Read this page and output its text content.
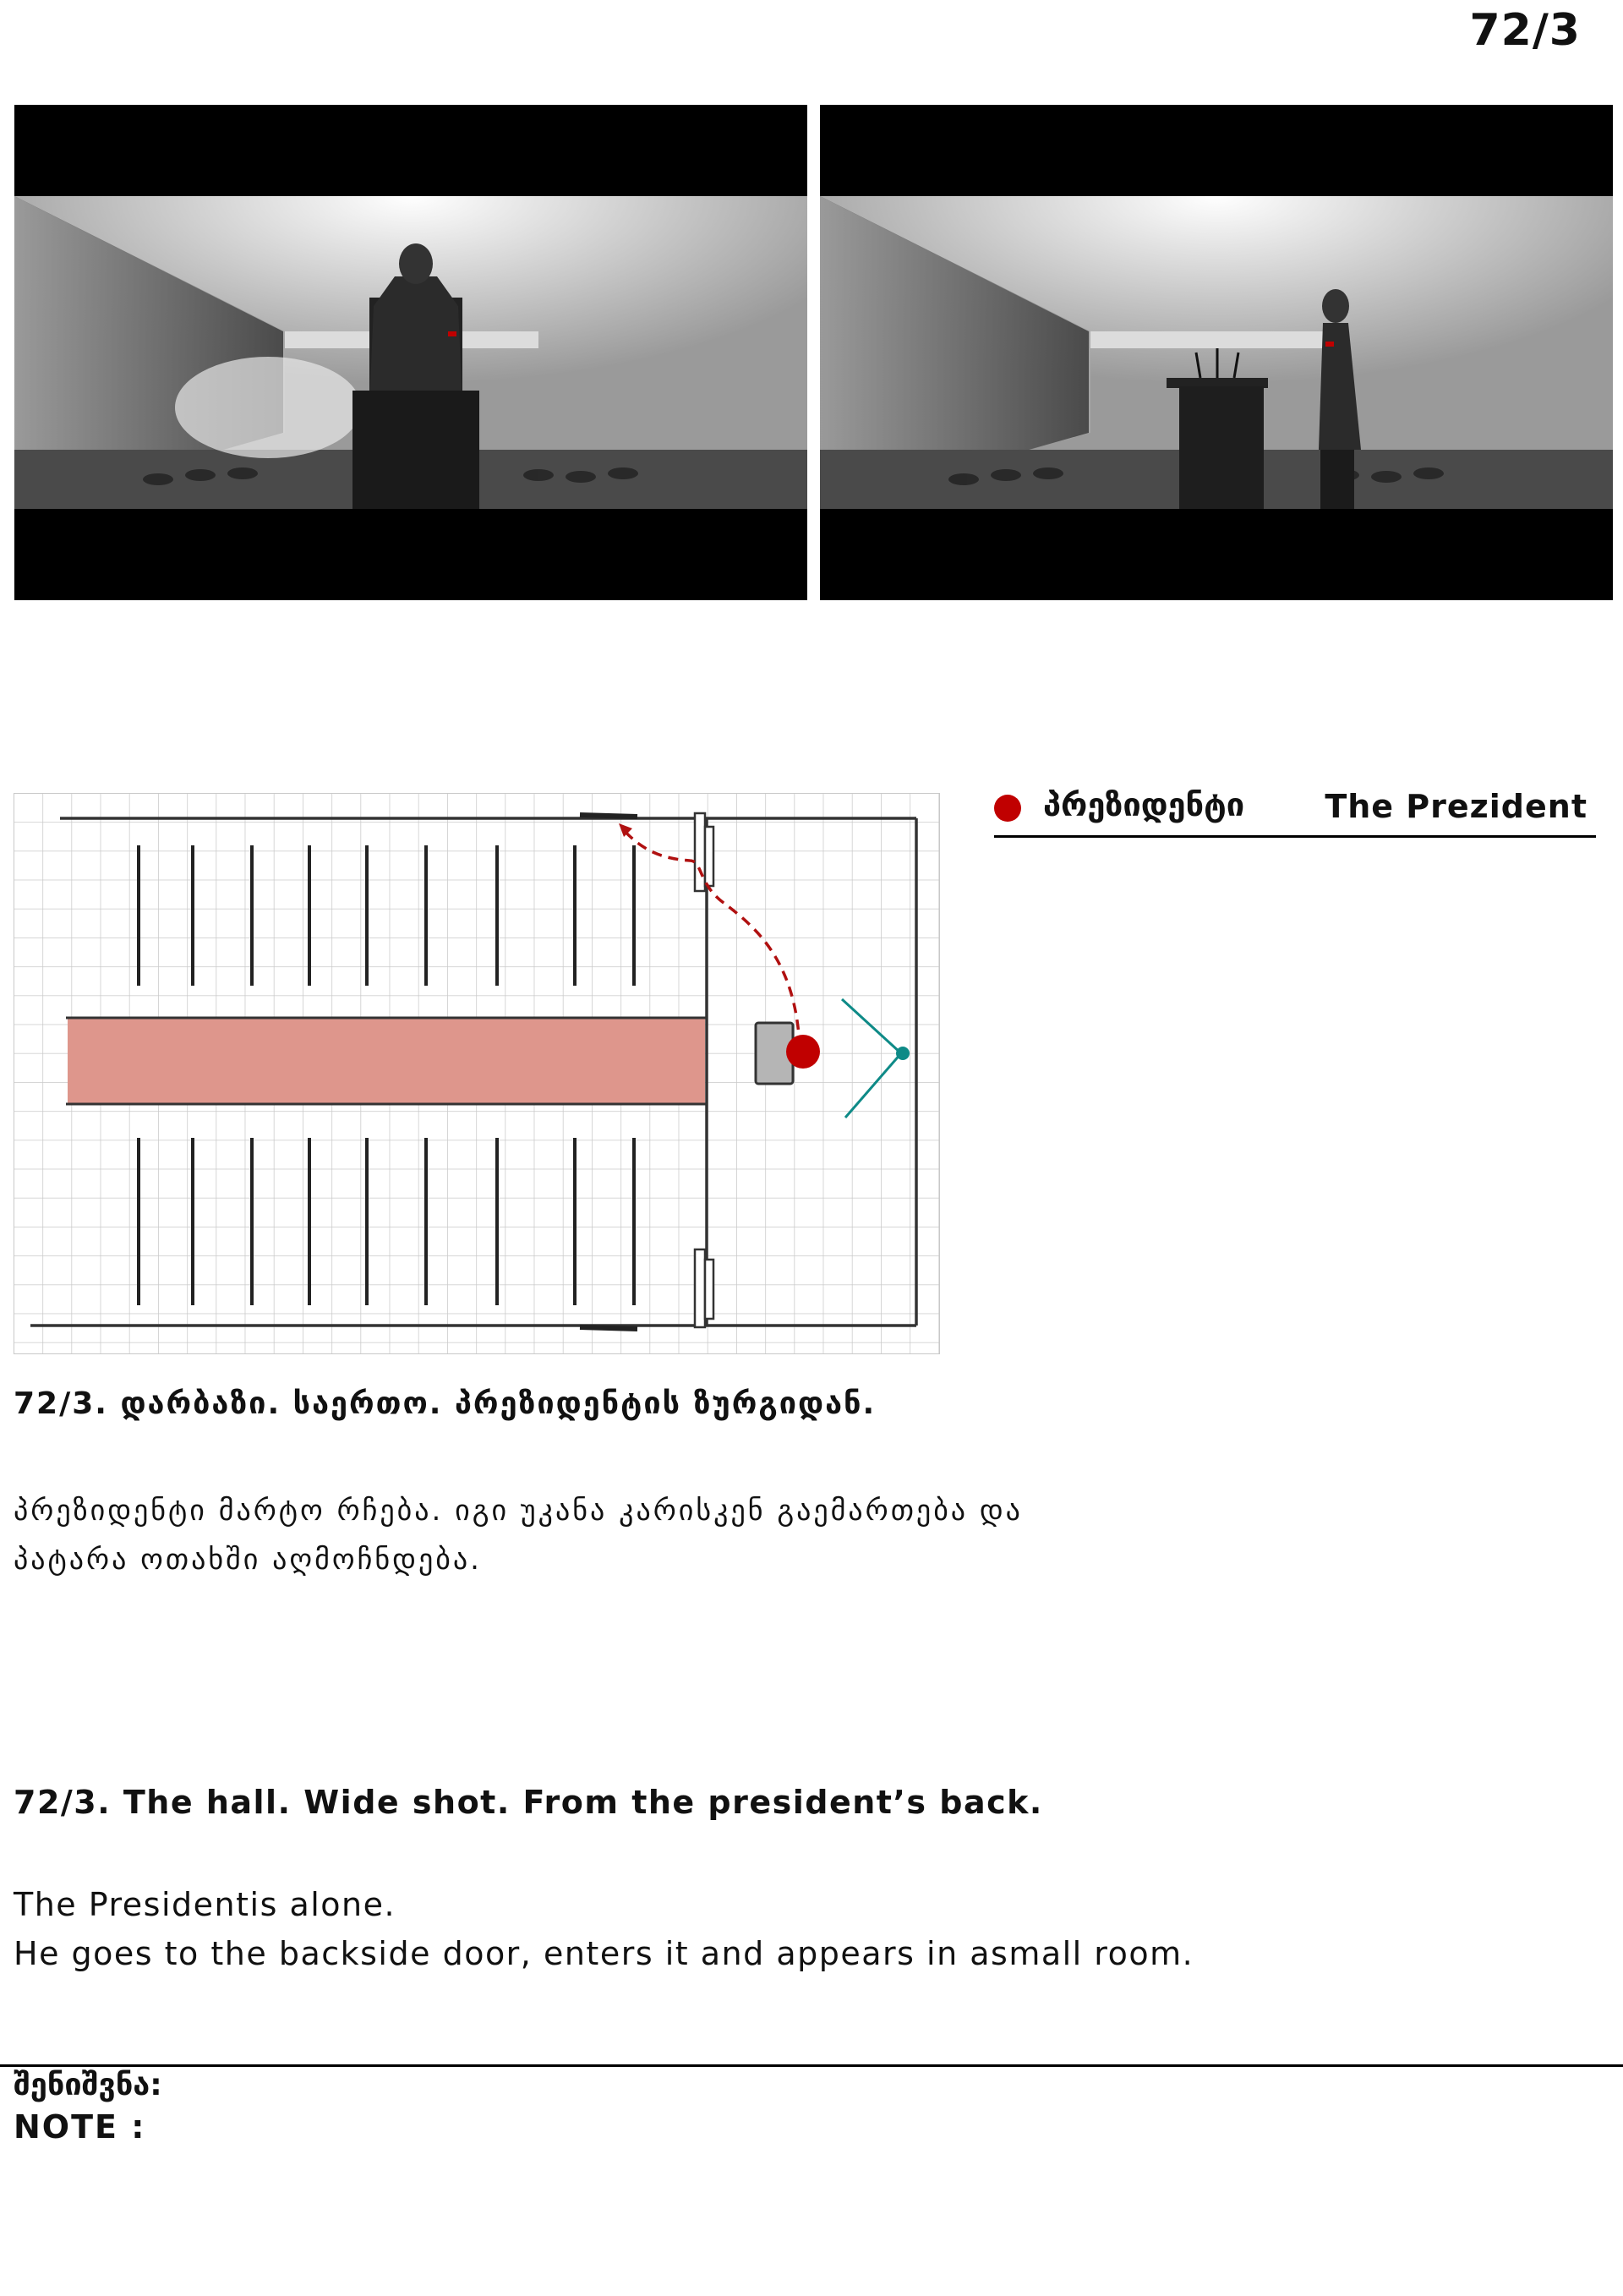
72/3
პრეზიდენტი	The Prezident
72/3. დარბაზი. საერთო. პრეზიდენტის ზურგიდან.
პრეზიდენტი მარტო რჩება. იგი უკანა კარისკენ გაემართება და
პატარა ოთახში აღმოჩნდება.
72/3. The hall. Wide shot. From the president’s back.
The Presidentis alone.
He goes to the backside door, enters it and appears in asmall room.
შენიშვნა:
NOTE :
